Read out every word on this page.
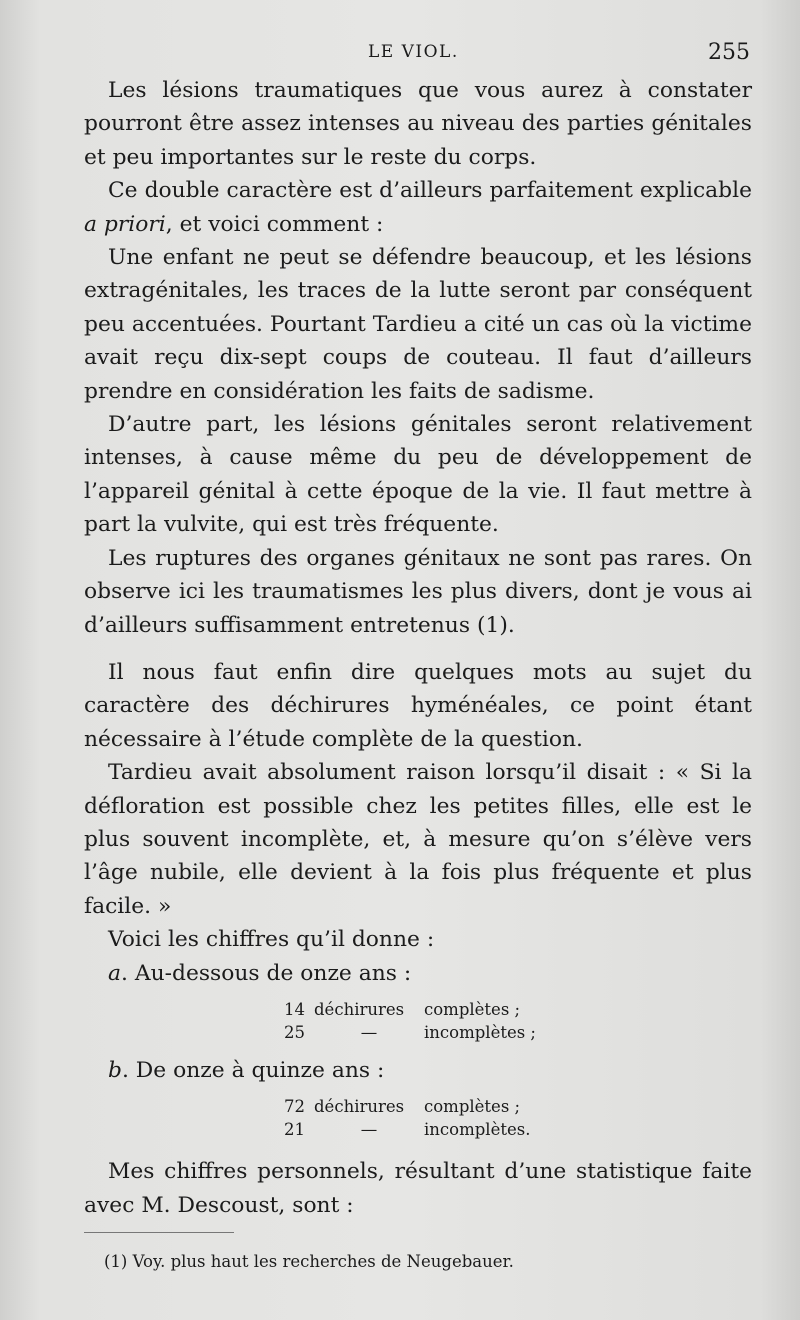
LE VIOL.	255

Les lésions traumatiques que vous aurez à constater pourront être assez intenses au niveau des parties génitales et peu importantes sur le reste du corps.

Ce double caractère est d’ailleurs parfaitement explicable a priori, et voici comment :

Une enfant ne peut se défendre beaucoup, et les lésions extragénitales, les traces de la lutte seront par conséquent peu accentuées. Pourtant Tardieu a cité un cas où la victime avait reçu dix-sept coups de couteau. Il faut d’ailleurs prendre en considération les faits de sadisme.

D’autre part, les lésions génitales seront relativement intenses, à cause même du peu de développement de l’appareil génital à cette époque de la vie. Il faut mettre à part la vulvite, qui est très fréquente.

Les ruptures des organes génitaux ne sont pas rares. On observe ici les traumatismes les plus divers, dont je vous ai d’ailleurs suffisamment entretenus (1).

Il nous faut enfin dire quelques mots au sujet du caractère des déchirures hyménéales, ce point étant nécessaire à l’étude complète de la question.

Tardieu avait absolument raison lorsqu’il disait : « Si la défloration est possible chez les petites filles, elle est le plus souvent incomplète, et, à mesure qu’on s’élève vers l’âge nubile, elle devient à la fois plus fréquente et plus facile. »

Voici les chiffres qu’il donne :

a. Au-dessous de onze ans :

14 déchirures	complètes ;
25	—	incomplètes ;

b. De onze à quinze ans :

72 déchirures	complètes ;
21	—	incomplètes.

Mes chiffres personnels, résultant d’une statistique faite avec M. Descoust, sont :

(1) Voy. plus haut les recherches de Neugebauer.
